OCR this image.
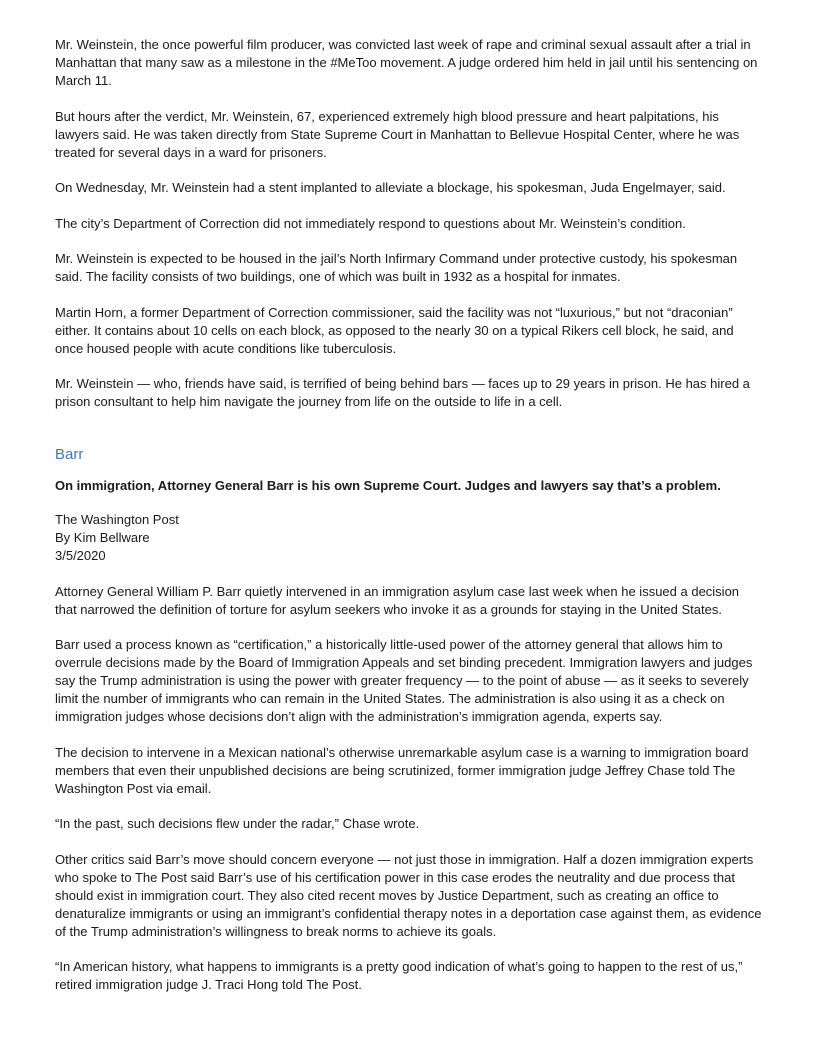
Mr. Weinstein, the once powerful film producer, was convicted last week of rape and criminal sexual assault after a trial in Manhattan that many saw as a milestone in the #MeToo movement. A judge ordered him held in jail until his sentencing on March 11.

But hours after the verdict, Mr. Weinstein, 67, experienced extremely high blood pressure and heart palpitations, his lawyers said. He was taken directly from State Supreme Court in Manhattan to Bellevue Hospital Center, where he was treated for several days in a ward for prisoners.

On Wednesday, Mr. Weinstein had a stent implanted to alleviate a blockage, his spokesman, Juda Engelmayer, said.

The city’s Department of Correction did not immediately respond to questions about Mr. Weinstein’s condition.

Mr. Weinstein is expected to be housed in the jail’s North Infirmary Command under protective custody, his spokesman said. The facility consists of two buildings, one of which was built in 1932 as a hospital for inmates.

Martin Horn, a former Department of Correction commissioner, said the facility was not “luxurious,” but not “draconian” either. It contains about 10 cells on each block, as opposed to the nearly 30 on a typical Rikers cell block, he said, and once housed people with acute conditions like tuberculosis.

Mr. Weinstein — who, friends have said, is terrified of being behind bars — faces up to 29 years in prison. He has hired a prison consultant to help him navigate the journey from life on the outside to life in a cell.

Barr

On immigration, Attorney General Barr is his own Supreme Court. Judges and lawyers say that’s a problem.

The Washington Post
By Kim Bellware
3/5/2020

Attorney General William P. Barr quietly intervened in an immigration asylum case last week when he issued a decision that narrowed the definition of torture for asylum seekers who invoke it as a grounds for staying in the United States.

Barr used a process known as “certification,” a historically little-used power of the attorney general that allows him to overrule decisions made by the Board of Immigration Appeals and set binding precedent. Immigration lawyers and judges say the Trump administration is using the power with greater frequency — to the point of abuse — as it seeks to severely limit the number of immigrants who can remain in the United States. The administration is also using it as a check on immigration judges whose decisions don’t align with the administration’s immigration agenda, experts say.

The decision to intervene in a Mexican national’s otherwise unremarkable asylum case is a warning to immigration board members that even their unpublished decisions are being scrutinized, former immigration judge Jeffrey Chase told The Washington Post via email.

“In the past, such decisions flew under the radar,” Chase wrote.

Other critics said Barr’s move should concern everyone — not just those in immigration. Half a dozen immigration experts who spoke to The Post said Barr’s use of his certification power in this case erodes the neutrality and due process that should exist in immigration court. They also cited recent moves by Justice Department, such as creating an office to denaturalize immigrants or using an immigrant’s confidential therapy notes in a deportation case against them, as evidence of the Trump administration’s willingness to break norms to achieve its goals.

“In American history, what happens to immigrants is a pretty good indication of what’s going to happen to the rest of us,” retired immigration judge J. Traci Hong told The Post.
